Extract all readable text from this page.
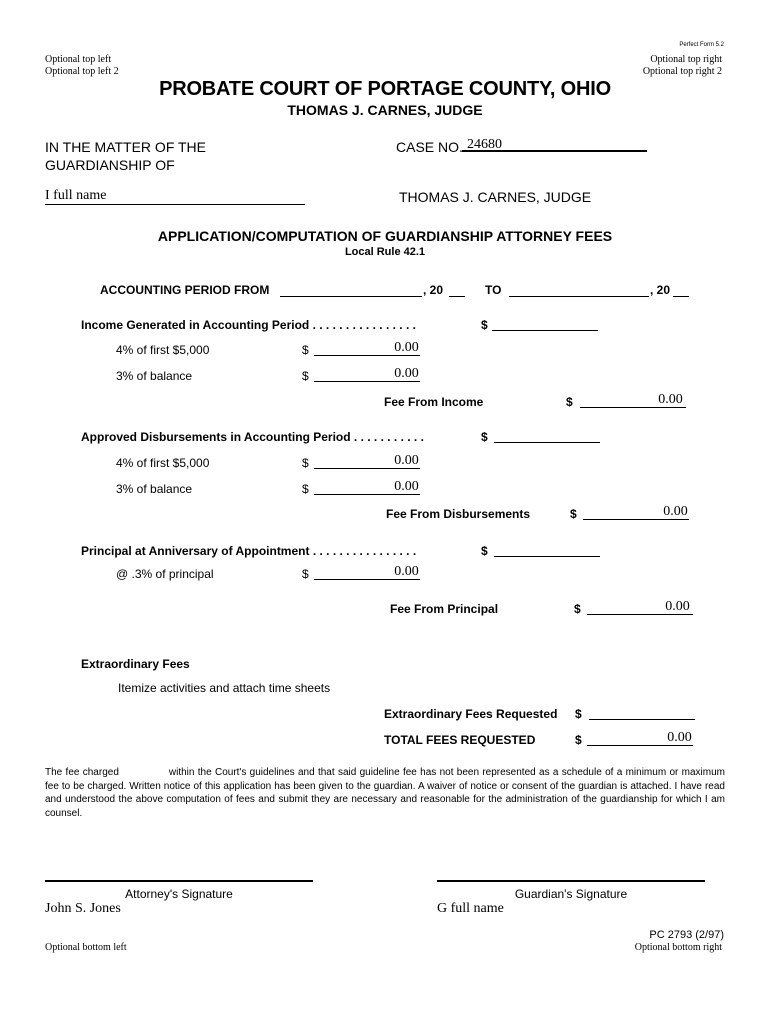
Perfect Form 5.2
Optional top left
Optional top left 2
Optional top right
Optional top right 2
PROBATE COURT OF PORTAGE COUNTY, OHIO
THOMAS J. CARNES, JUDGE
IN THE MATTER OF THE
GUARDIANSHIP OF
I full name
CASE NO. 24680
THOMAS J. CARNES, JUDGE
APPLICATION/COMPUTATION OF GUARDIANSHIP ATTORNEY FEES
Local Rule 42.1
ACCOUNTING PERIOD FROM	, 20	TO	, 20
Income Generated in Accounting Period . . . . . . . . . . . . . . . .	$
4% of first $5,000	$	0.00
3% of balance	$	0.00
Fee From Income	$	0.00
Approved Disbursements in Accounting Period . . . . . . . . . . .	$
4% of first $5,000	$	0.00
3% of balance	$	0.00
Fee From Disbursements	$	0.00
Principal at Anniversary of Appointment . . . . . . . . . . . . . . . .	$
@ .3% of principal	$	0.00
Fee From Principal	$	0.00
Extraordinary Fees
Itemize activities and attach time sheets
Extraordinary Fees Requested $
TOTAL FEES REQUESTED	$	0.00
The fee charged	within the Court's guidelines and that said guideline fee has not been represented as a schedule of a minimum or maximum fee to be charged. Written notice of this application has been given to the guardian. A waiver of notice or consent of the guardian is attached. I have read and understood the above computation of fees and submit they are necessary and reasonable for the administration of the guardianship for which I am counsel.
Attorney's Signature
John S. Jones
Guardian's Signature
G full name
PC 2793 (2/97)
Optional bottom left	Optional bottom right
